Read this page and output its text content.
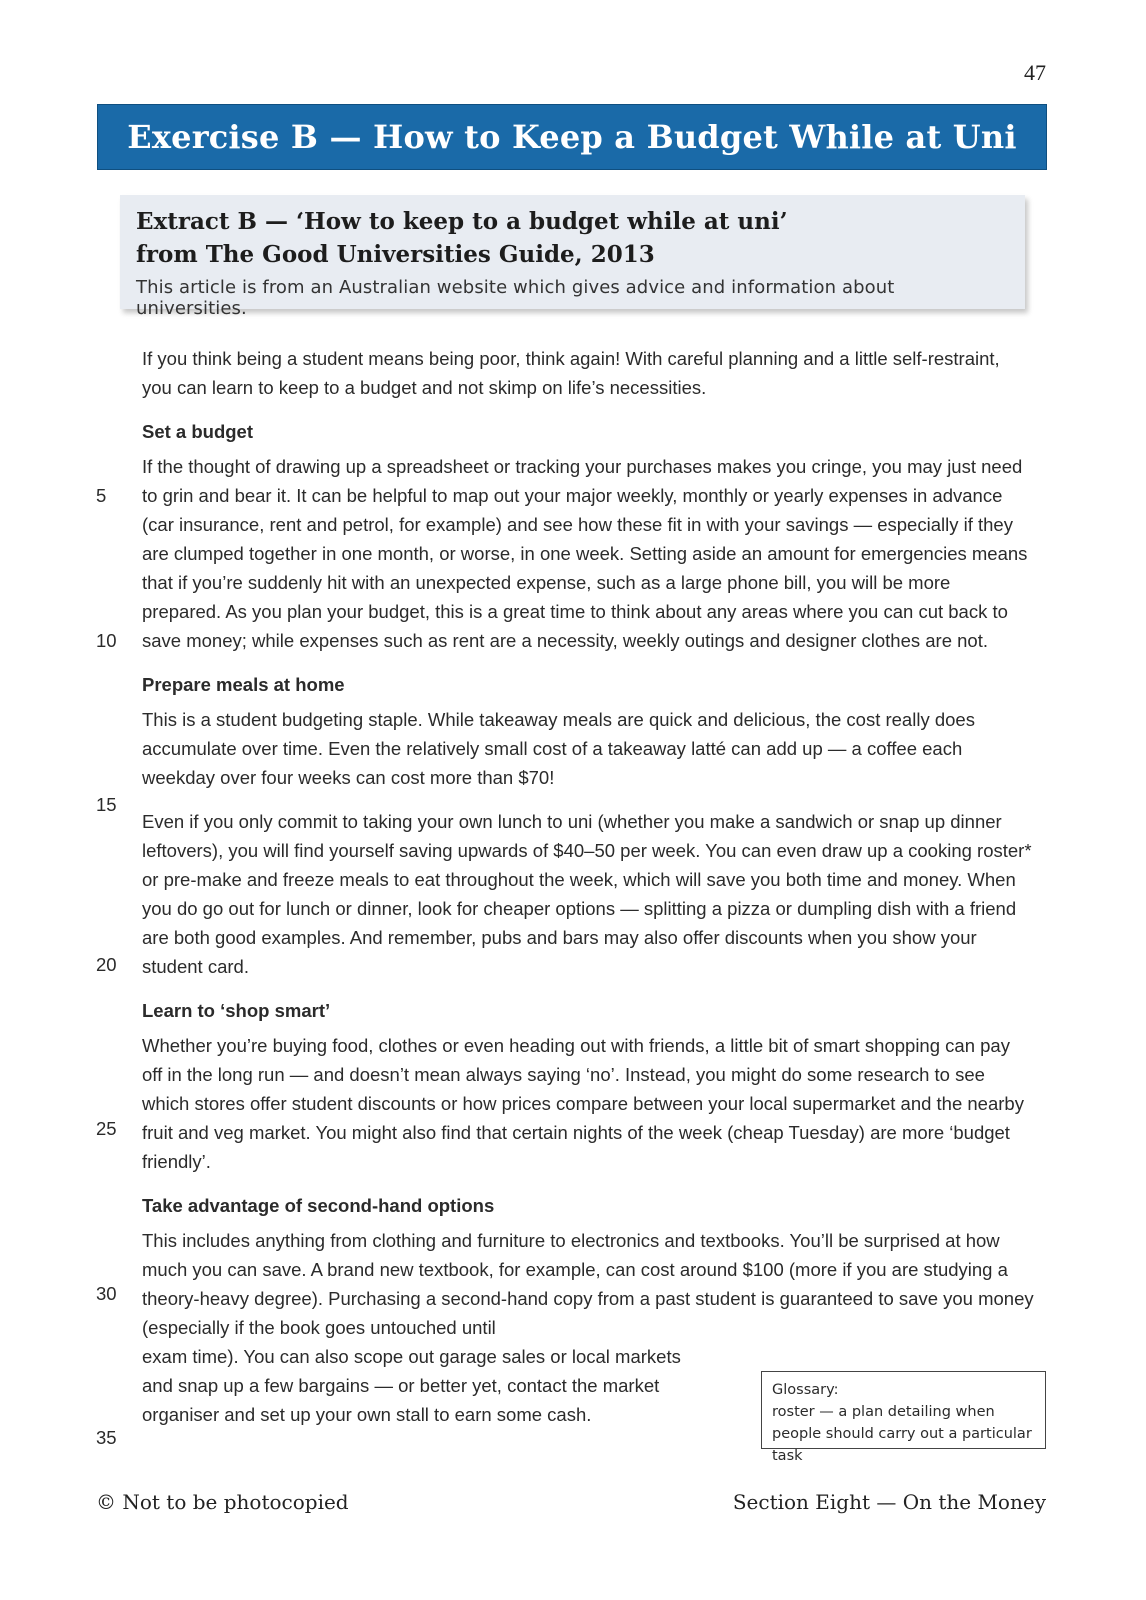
47
Exercise B — How to Keep a Budget While at Uni
Extract B — ‘How to keep to a budget while at uni’
from The Good Universities Guide, 2013
This article is from an Australian website which gives advice and information about universities.
5
10
15
20
25
30
35

If you think being a student means being poor, think again! With careful planning and a little self-restraint, you can learn to keep to a budget and not skimp on life’s necessities.

Set a budget

If the thought of drawing up a spreadsheet or tracking your purchases makes you cringe, you may just need to grin and bear it. It can be helpful to map out your major weekly, monthly or yearly expenses in advance (car insurance, rent and petrol, for example) and see how these fit in with your savings — especially if they are clumped together in one month, or worse, in one week. Setting aside an amount for emergencies means that if you’re suddenly hit with an unexpected expense, such as a large phone bill, you will be more prepared. As you plan your budget, this is a great time to think about any areas where you can cut back to save money; while expenses such as rent are a necessity, weekly outings and designer clothes are not.

Prepare meals at home

This is a student budgeting staple. While takeaway meals are quick and delicious, the cost really does accumulate over time. Even the relatively small cost of a takeaway latté can add up — a coffee each weekday over four weeks can cost more than $70!

Even if you only commit to taking your own lunch to uni (whether you make a sandwich or snap up dinner leftovers), you will find yourself saving upwards of $40–50 per week. You can even draw up a cooking roster* or pre-make and freeze meals to eat throughout the week, which will save you both time and money. When you do go out for lunch or dinner, look for cheaper options — splitting a pizza or dumpling dish with a friend are both good examples. And remember, pubs and bars may also offer discounts when you show your student card.

Learn to ‘shop smart’

Whether you’re buying food, clothes or even heading out with friends, a little bit of smart shopping can pay off in the long run — and doesn’t mean always saying ‘no’. Instead, you might do some research to see which stores offer student discounts or how prices compare between your local supermarket and the nearby fruit and veg market. You might also find that certain nights of the week (cheap Tuesday) are more ‘budget friendly’.

Take advantage of second-hand options

This includes anything from clothing and furniture to electronics and textbooks. You’ll be surprised at how much you can save. A brand new textbook, for example, can cost around $100 (more if you are studying a theory-heavy degree). Purchasing a second-hand copy from a past student is guaranteed to save you money (especially if the book goes untouched until

exam time). You can also scope out garage sales or local markets and snap up a few bargains — or better yet, contact the market organiser and set up your own stall to earn some cash.

Glossary:
roster — a plan detailing when people should carry out a particular task
© Not to be photocopied	Section Eight — On the Money
